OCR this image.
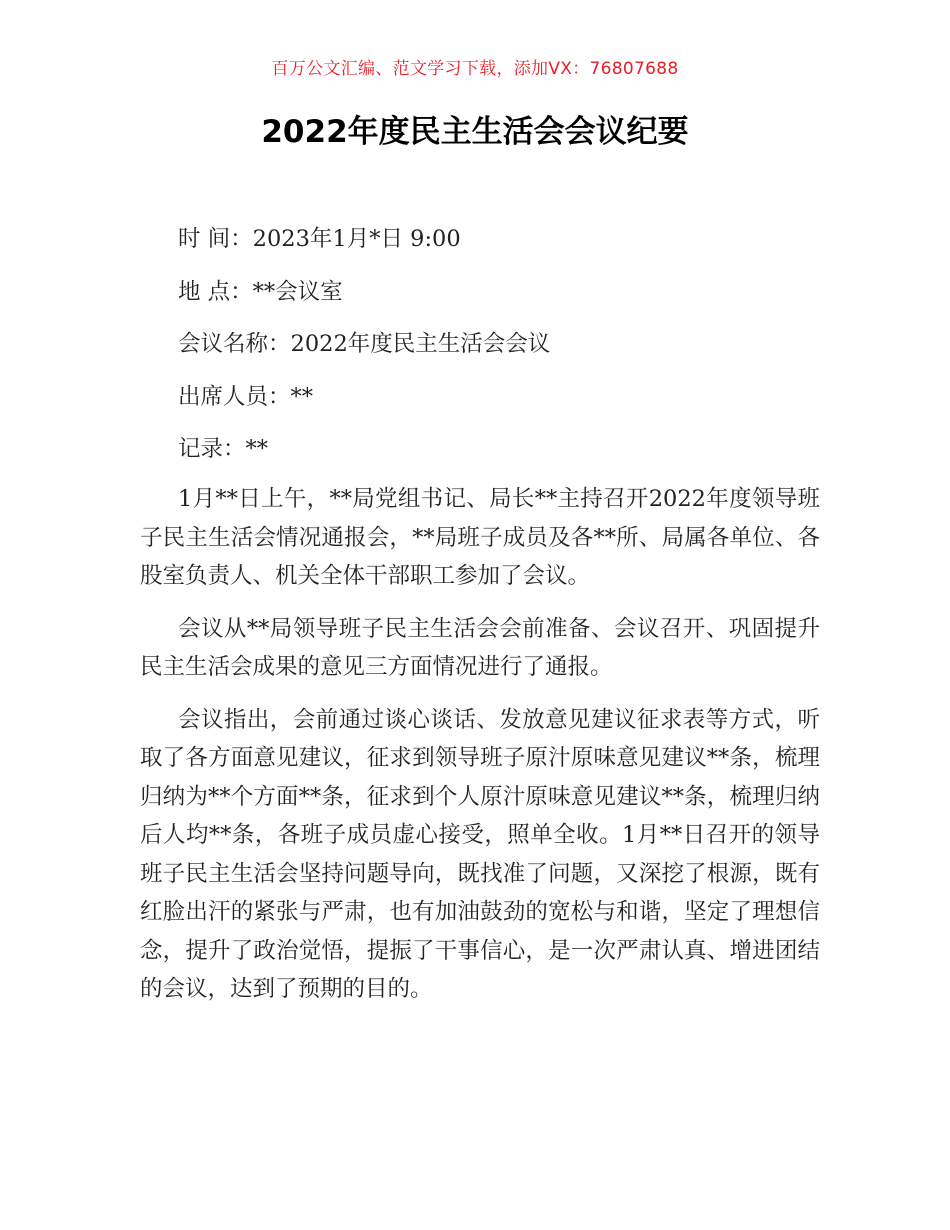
百万公文汇编、范文学习下载，添加VX：76807688
2022年度民主生活会会议纪要
时 间：2023年1月*日 9:00
地 点：**会议室
会议名称：2022年度民主生活会会议
出席人员：**
记录：**

1月**日上午，**局党组书记、局长**主持召开2022年度领导班子民主生活会情况通报会，**局班子成员及各**所、局属各单位、各股室负责人、机关全体干部职工参加了会议。

会议从**局领导班子民主生活会会前准备、会议召开、巩固提升民主生活会成果的意见三方面情况进行了通报。

会议指出，会前通过谈心谈话、发放意见建议征求表等方式，听取了各方面意见建议，征求到领导班子原汁原味意见建议**条，梳理归纳为**个方面**条，征求到个人原汁原味意见建议**条，梳理归纳后人均**条，各班子成员虚心接受，照单全收。1月**日召开的领导班子民主生活会坚持问题导向，既找准了问题，又深挖了根源，既有红脸出汗的紧张与严肃，也有加油鼓劲的宽松与和谐，坚定了理想信念，提升了政治觉悟，提振了干事信心，是一次严肃认真、增进团结的会议，达到了预期的目的。
